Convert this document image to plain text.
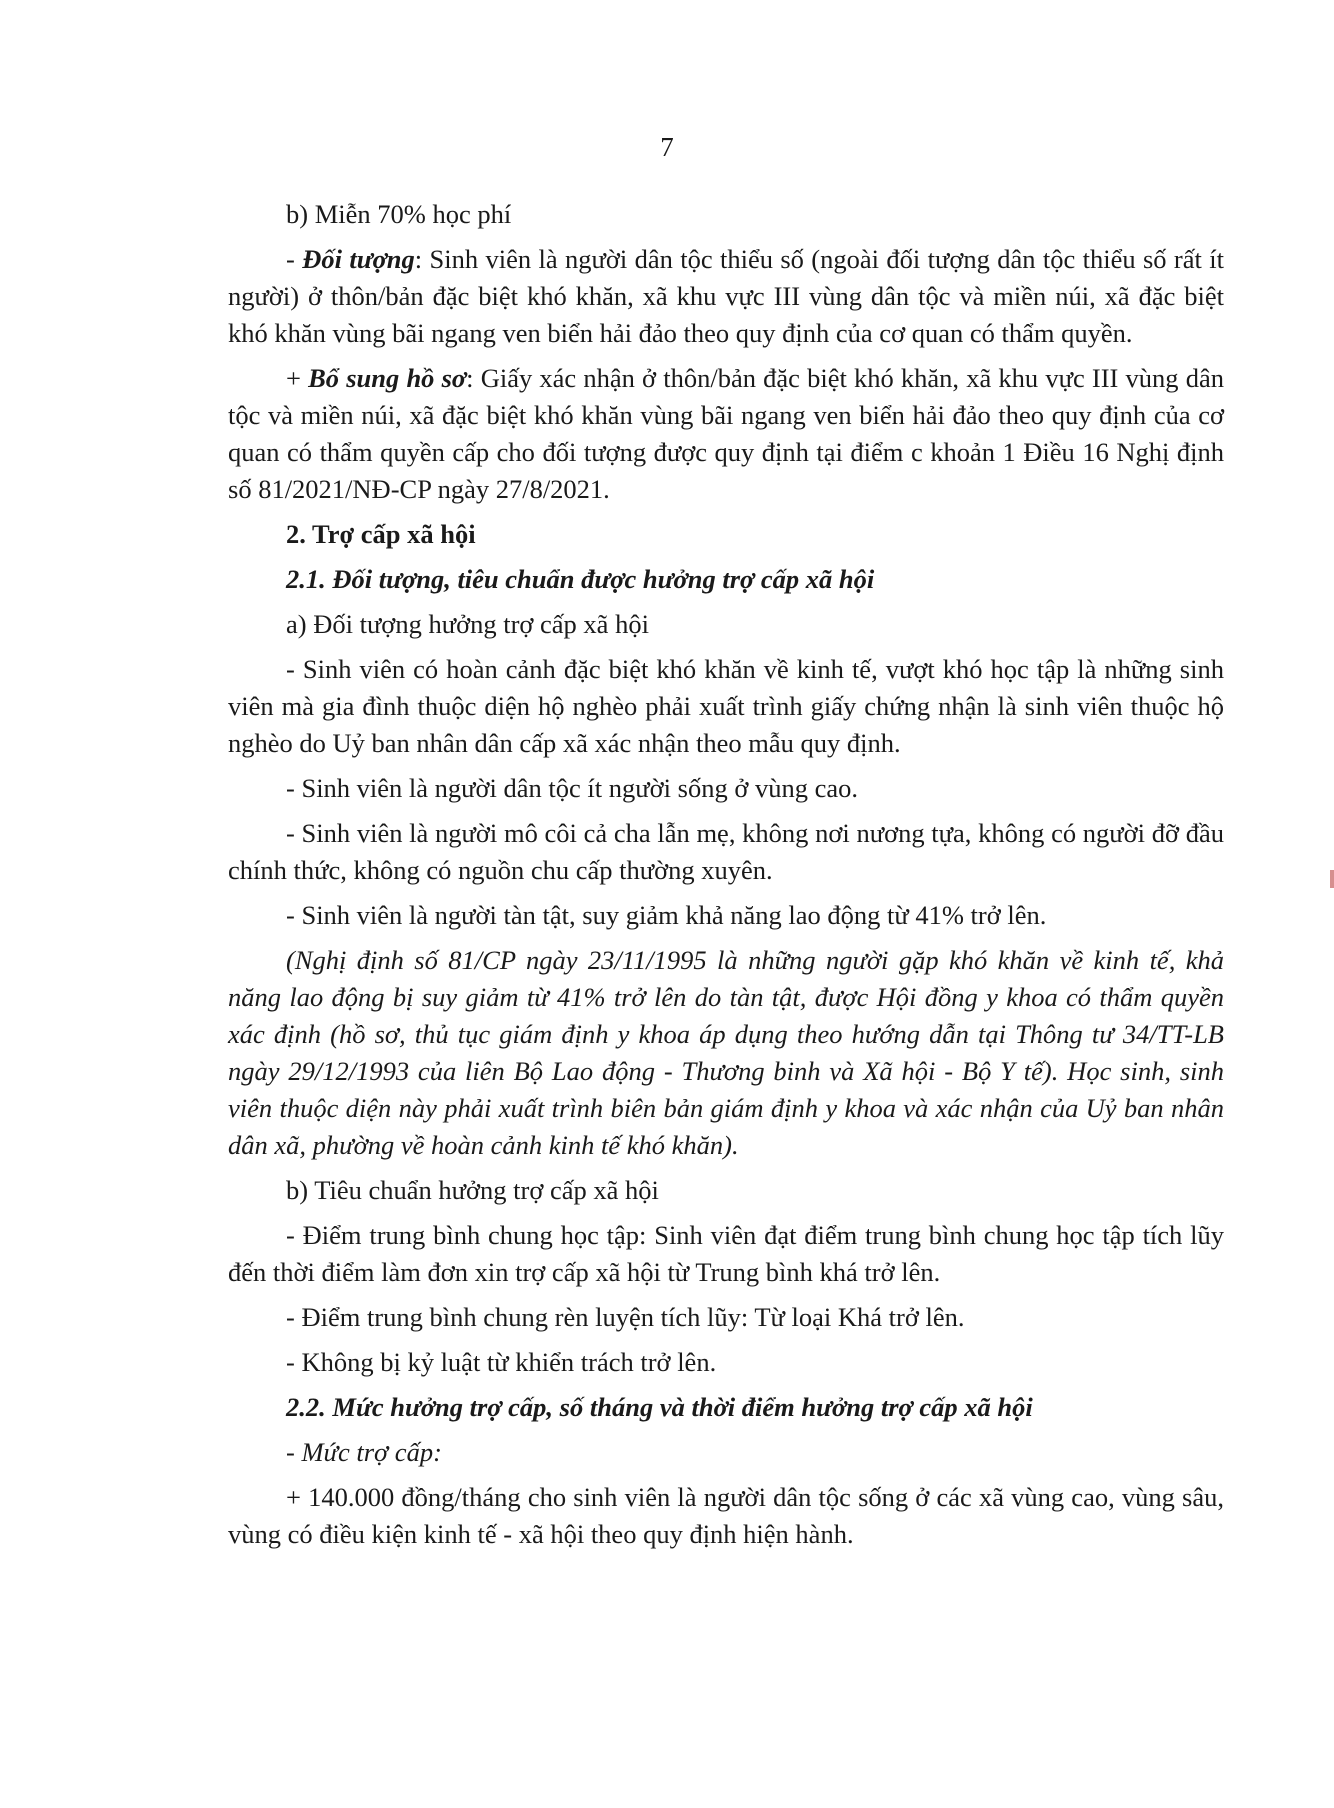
7

b) Miễn 70% học phí

- Đối tượng: Sinh viên là người dân tộc thiểu số (ngoài đối tượng dân tộc thiểu số rất ít người) ở thôn/bản đặc biệt khó khăn, xã khu vực III vùng dân tộc và miền núi, xã đặc biệt khó khăn vùng bãi ngang ven biển hải đảo theo quy định của cơ quan có thẩm quyền.

+ Bổ sung hồ sơ: Giấy xác nhận ở thôn/bản đặc biệt khó khăn, xã khu vực III vùng dân tộc và miền núi, xã đặc biệt khó khăn vùng bãi ngang ven biển hải đảo theo quy định của cơ quan có thẩm quyền cấp cho đối tượng được quy định tại điểm c khoản 1 Điều 16 Nghị định số 81/2021/NĐ-CP ngày 27/8/2021.

2. Trợ cấp xã hội

2.1. Đối tượng, tiêu chuẩn được hưởng trợ cấp xã hội

a) Đối tượng hưởng trợ cấp xã hội

- Sinh viên có hoàn cảnh đặc biệt khó khăn về kinh tế, vượt khó học tập là những sinh viên mà gia đình thuộc diện hộ nghèo phải xuất trình giấy chứng nhận là sinh viên thuộc hộ nghèo do Uỷ ban nhân dân cấp xã xác nhận theo mẫu quy định.

- Sinh viên là người dân tộc ít người sống ở vùng cao.

- Sinh viên là người mô côi cả cha lẫn mẹ, không nơi nương tựa, không có người đỡ đầu chính thức, không có nguồn chu cấp thường xuyên.

- Sinh viên là người tàn tật, suy giảm khả năng lao động từ 41% trở lên.

(Nghị định số 81/CP ngày 23/11/1995 là những người gặp khó khăn về kinh tế, khả năng lao động bị suy giảm từ 41% trở lên do tàn tật, được Hội đồng y khoa có thẩm quyền xác định (hồ sơ, thủ tục giám định y khoa áp dụng theo hướng dẫn tại Thông tư 34/TT-LB ngày 29/12/1993 của liên Bộ Lao động - Thương binh và Xã hội - Bộ Y tế). Học sinh, sinh viên thuộc diện này phải xuất trình biên bản giám định y khoa và xác nhận của Uỷ ban nhân dân xã, phường về hoàn cảnh kinh tế khó khăn).

b) Tiêu chuẩn hưởng trợ cấp xã hội

- Điểm trung bình chung học tập: Sinh viên đạt điểm trung bình chung học tập tích lũy đến thời điểm làm đơn xin trợ cấp xã hội từ Trung bình khá trở lên.

- Điểm trung bình chung rèn luyện tích lũy: Từ loại Khá trở lên.

- Không bị kỷ luật từ khiển trách trở lên.

2.2. Mức hưởng trợ cấp, số tháng và thời điểm hưởng trợ cấp xã hội

- Mức trợ cấp:

+ 140.000 đồng/tháng cho sinh viên là người dân tộc sống ở các xã vùng cao, vùng sâu, vùng có điều kiện kinh tế - xã hội theo quy định hiện hành.
